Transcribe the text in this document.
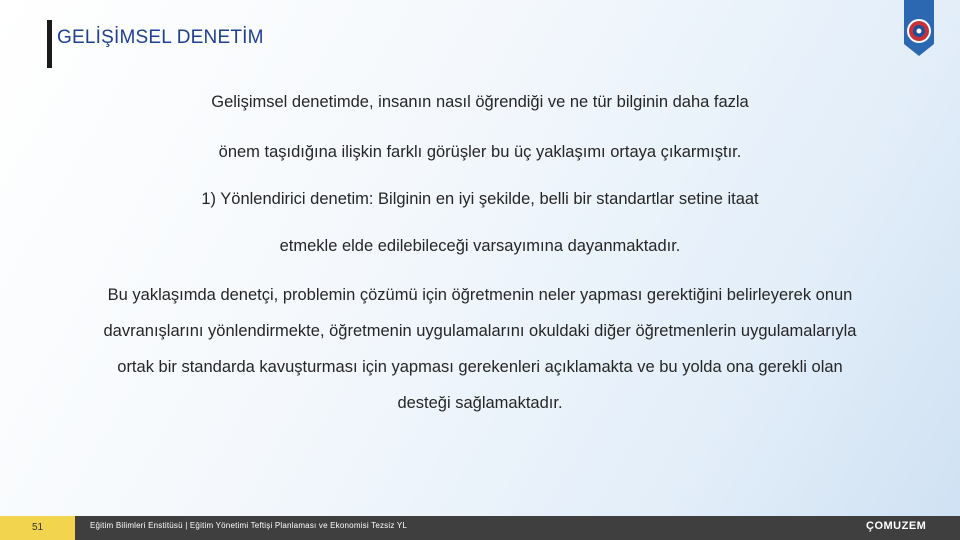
GELİŞİMSEL DENETİM
Gelişimsel denetimde, insanın nasıl öğrendiği ve ne tür bilginin daha fazla
önem taşıdığına ilişkin farklı görüşler bu üç yaklaşımı ortaya çıkarmıştır.
1) Yönlendirici denetim: Bilginin en iyi şekilde, belli bir standartlar setine itaat
etmekle elde edilebileceği varsayımına dayanmaktadır.
Bu yaklaşımda denetçi, problemin çözümü için öğretmenin neler yapması gerektiğini belirleyerek onun
davranışlarını yönlendirmekte, öğretmenin uygulamalarını okuldaki diğer öğretmenlerin uygulamalarıyla
ortak bir standarda kavuşturması için yapması gerekenleri açıklamakta ve bu yolda ona gerekli olan
desteği sağlamaktadır.
51	Eğitim Bilimleri Enstitüsü | Eğitim Yönetimi Teftişi Planlaması ve Ekonomisi Tezsiz YL	ÇOMUZEM
